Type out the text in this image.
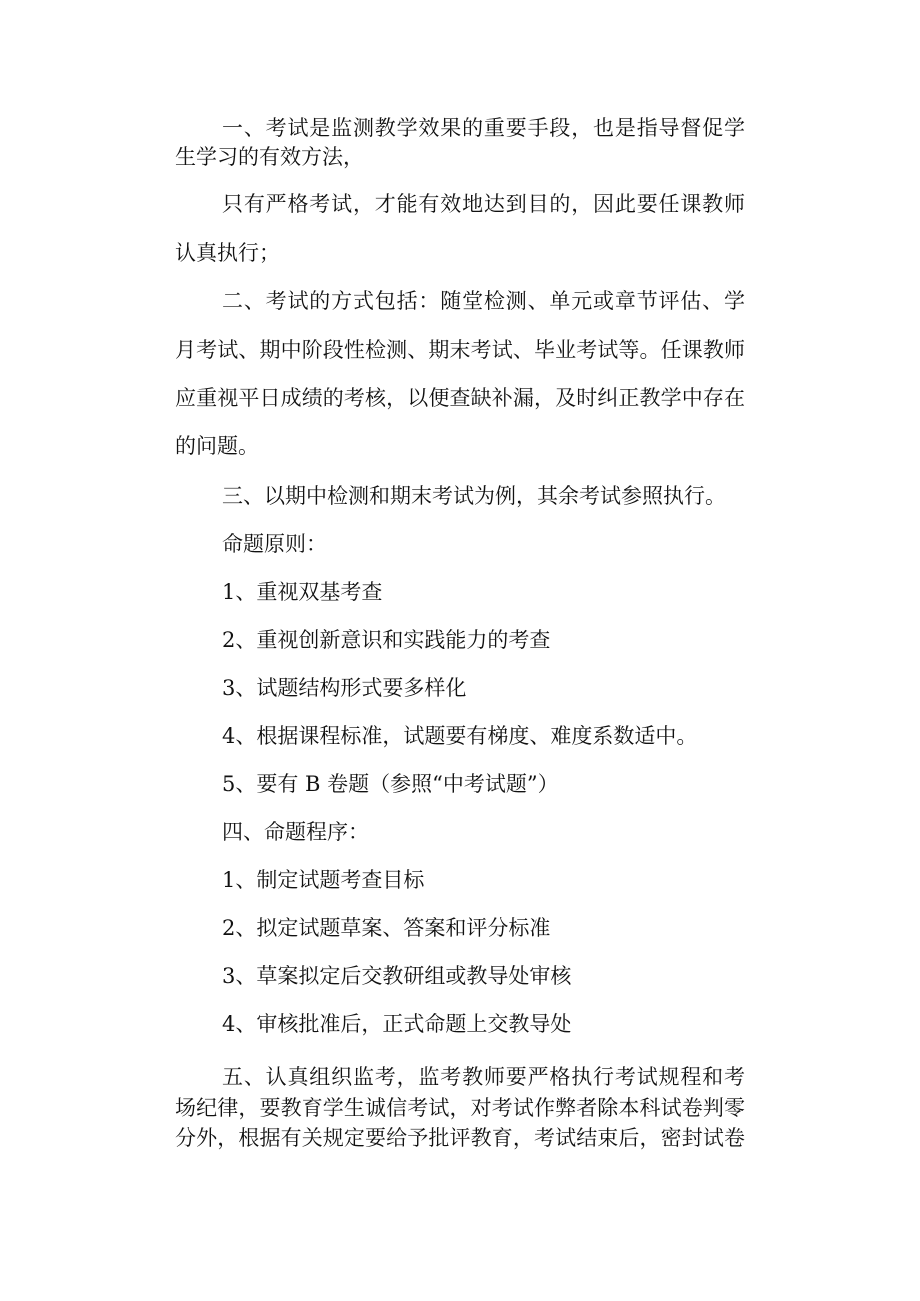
一、考试是监测教学效果的重要手段，也是指导督促学
生学习的有效方法，
只有严格考试，才能有效地达到目的，因此要任课教师
认真执行；
二、考试的方式包括：随堂检测、单元或章节评估、学
月考试、期中阶段性检测、期末考试、毕业考试等。任课教师
应重视平日成绩的考核，以便查缺补漏，及时纠正教学中存在
的问题。
三、以期中检测和期末考试为例，其余考试参照执行。
命题原则：
1、重视双基考查
2、重视创新意识和实践能力的考查
3、试题结构形式要多样化
4、根据课程标准，试题要有梯度、难度系数适中。
5、要有 B 卷题（参照“中考试题”）
四、命题程序：
1、制定试题考查目标
2、拟定试题草案、答案和评分标准
3、草案拟定后交教研组或教导处审核
4、审核批准后，正式命题上交教导处
五、认真组织监考，监考教师要严格执行考试规程和考
场纪律，要教育学生诚信考试，对考试作弊者除本科试卷判零
分外，根据有关规定要给予批评教育，考试结束后，密封试卷
